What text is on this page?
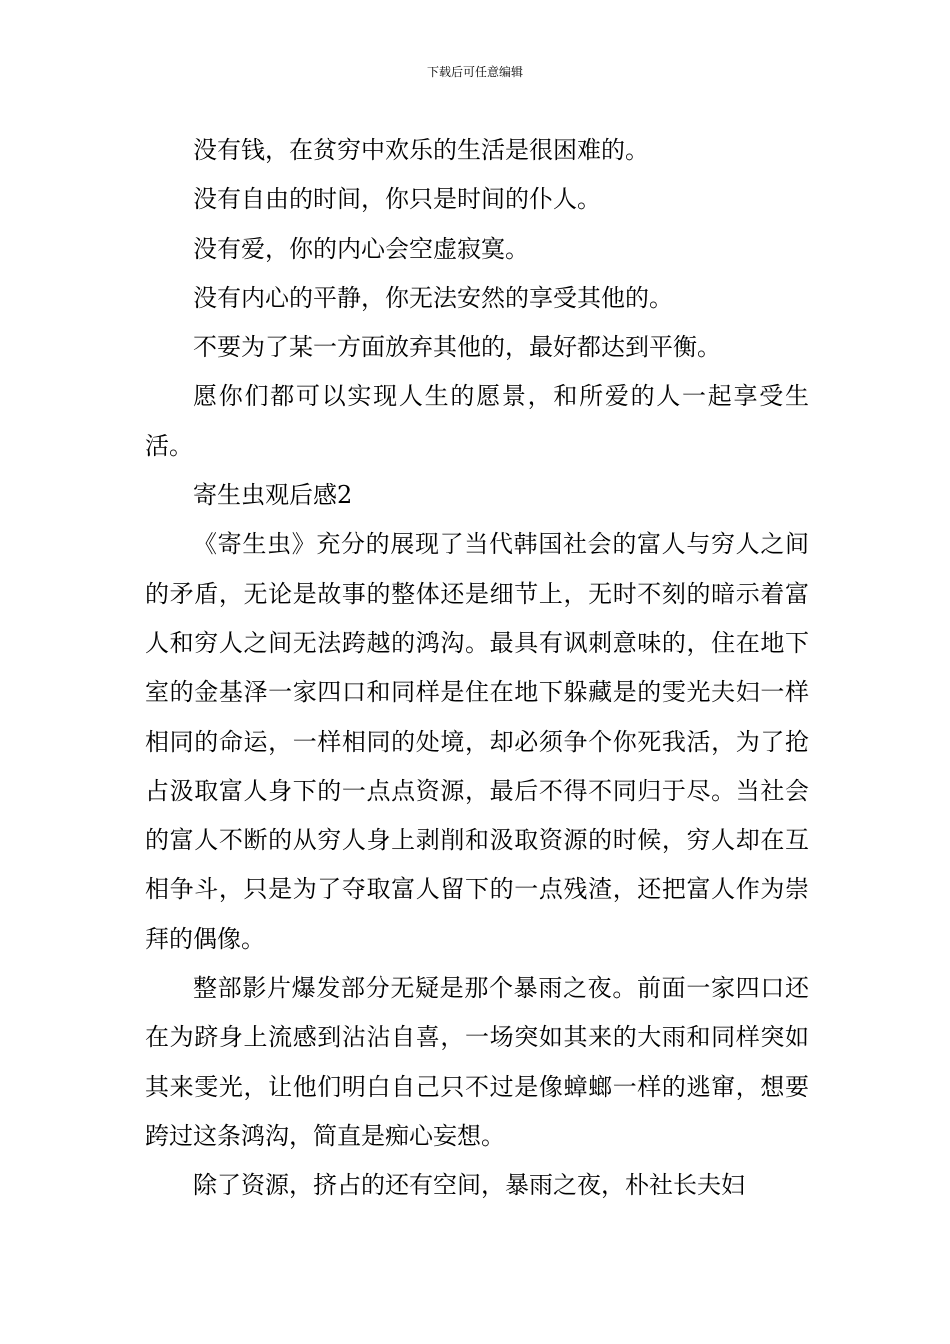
下载后可任意编辑

没有钱，在贫穷中欢乐的生活是很困难的。

没有自由的时间，你只是时间的仆人。

没有爱，你的内心会空虚寂寞。

没有内心的平静，你无法安然的享受其他的。

不要为了某一方面放弃其他的，最好都达到平衡。

愿你们都可以实现人生的愿景，和所爱的人一起享受生活。

寄生虫观后感2

《寄生虫》充分的展现了当代韩国社会的富人与穷人之间的矛盾，无论是故事的整体还是细节上，无时不刻的暗示着富人和穷人之间无法跨越的鸿沟。最具有讽刺意味的，住在地下室的金基泽一家四口和同样是住在地下躲藏是的雯光夫妇一样相同的命运，一样相同的处境，却必须争个你死我活，为了抢占汲取富人身下的一点点资源，最后不得不同归于尽。当社会的富人不断的从穷人身上剥削和汲取资源的时候，穷人却在互相争斗，只是为了夺取富人留下的一点残渣，还把富人作为崇拜的偶像。

整部影片爆发部分无疑是那个暴雨之夜。前面一家四口还在为跻身上流感到沾沾自喜，一场突如其来的大雨和同样突如其来雯光，让他们明白自己只不过是像蟑螂一样的逃窜，想要跨过这条鸿沟，简直是痴心妄想。

除了资源，挤占的还有空间，暴雨之夜，朴社长夫妇
